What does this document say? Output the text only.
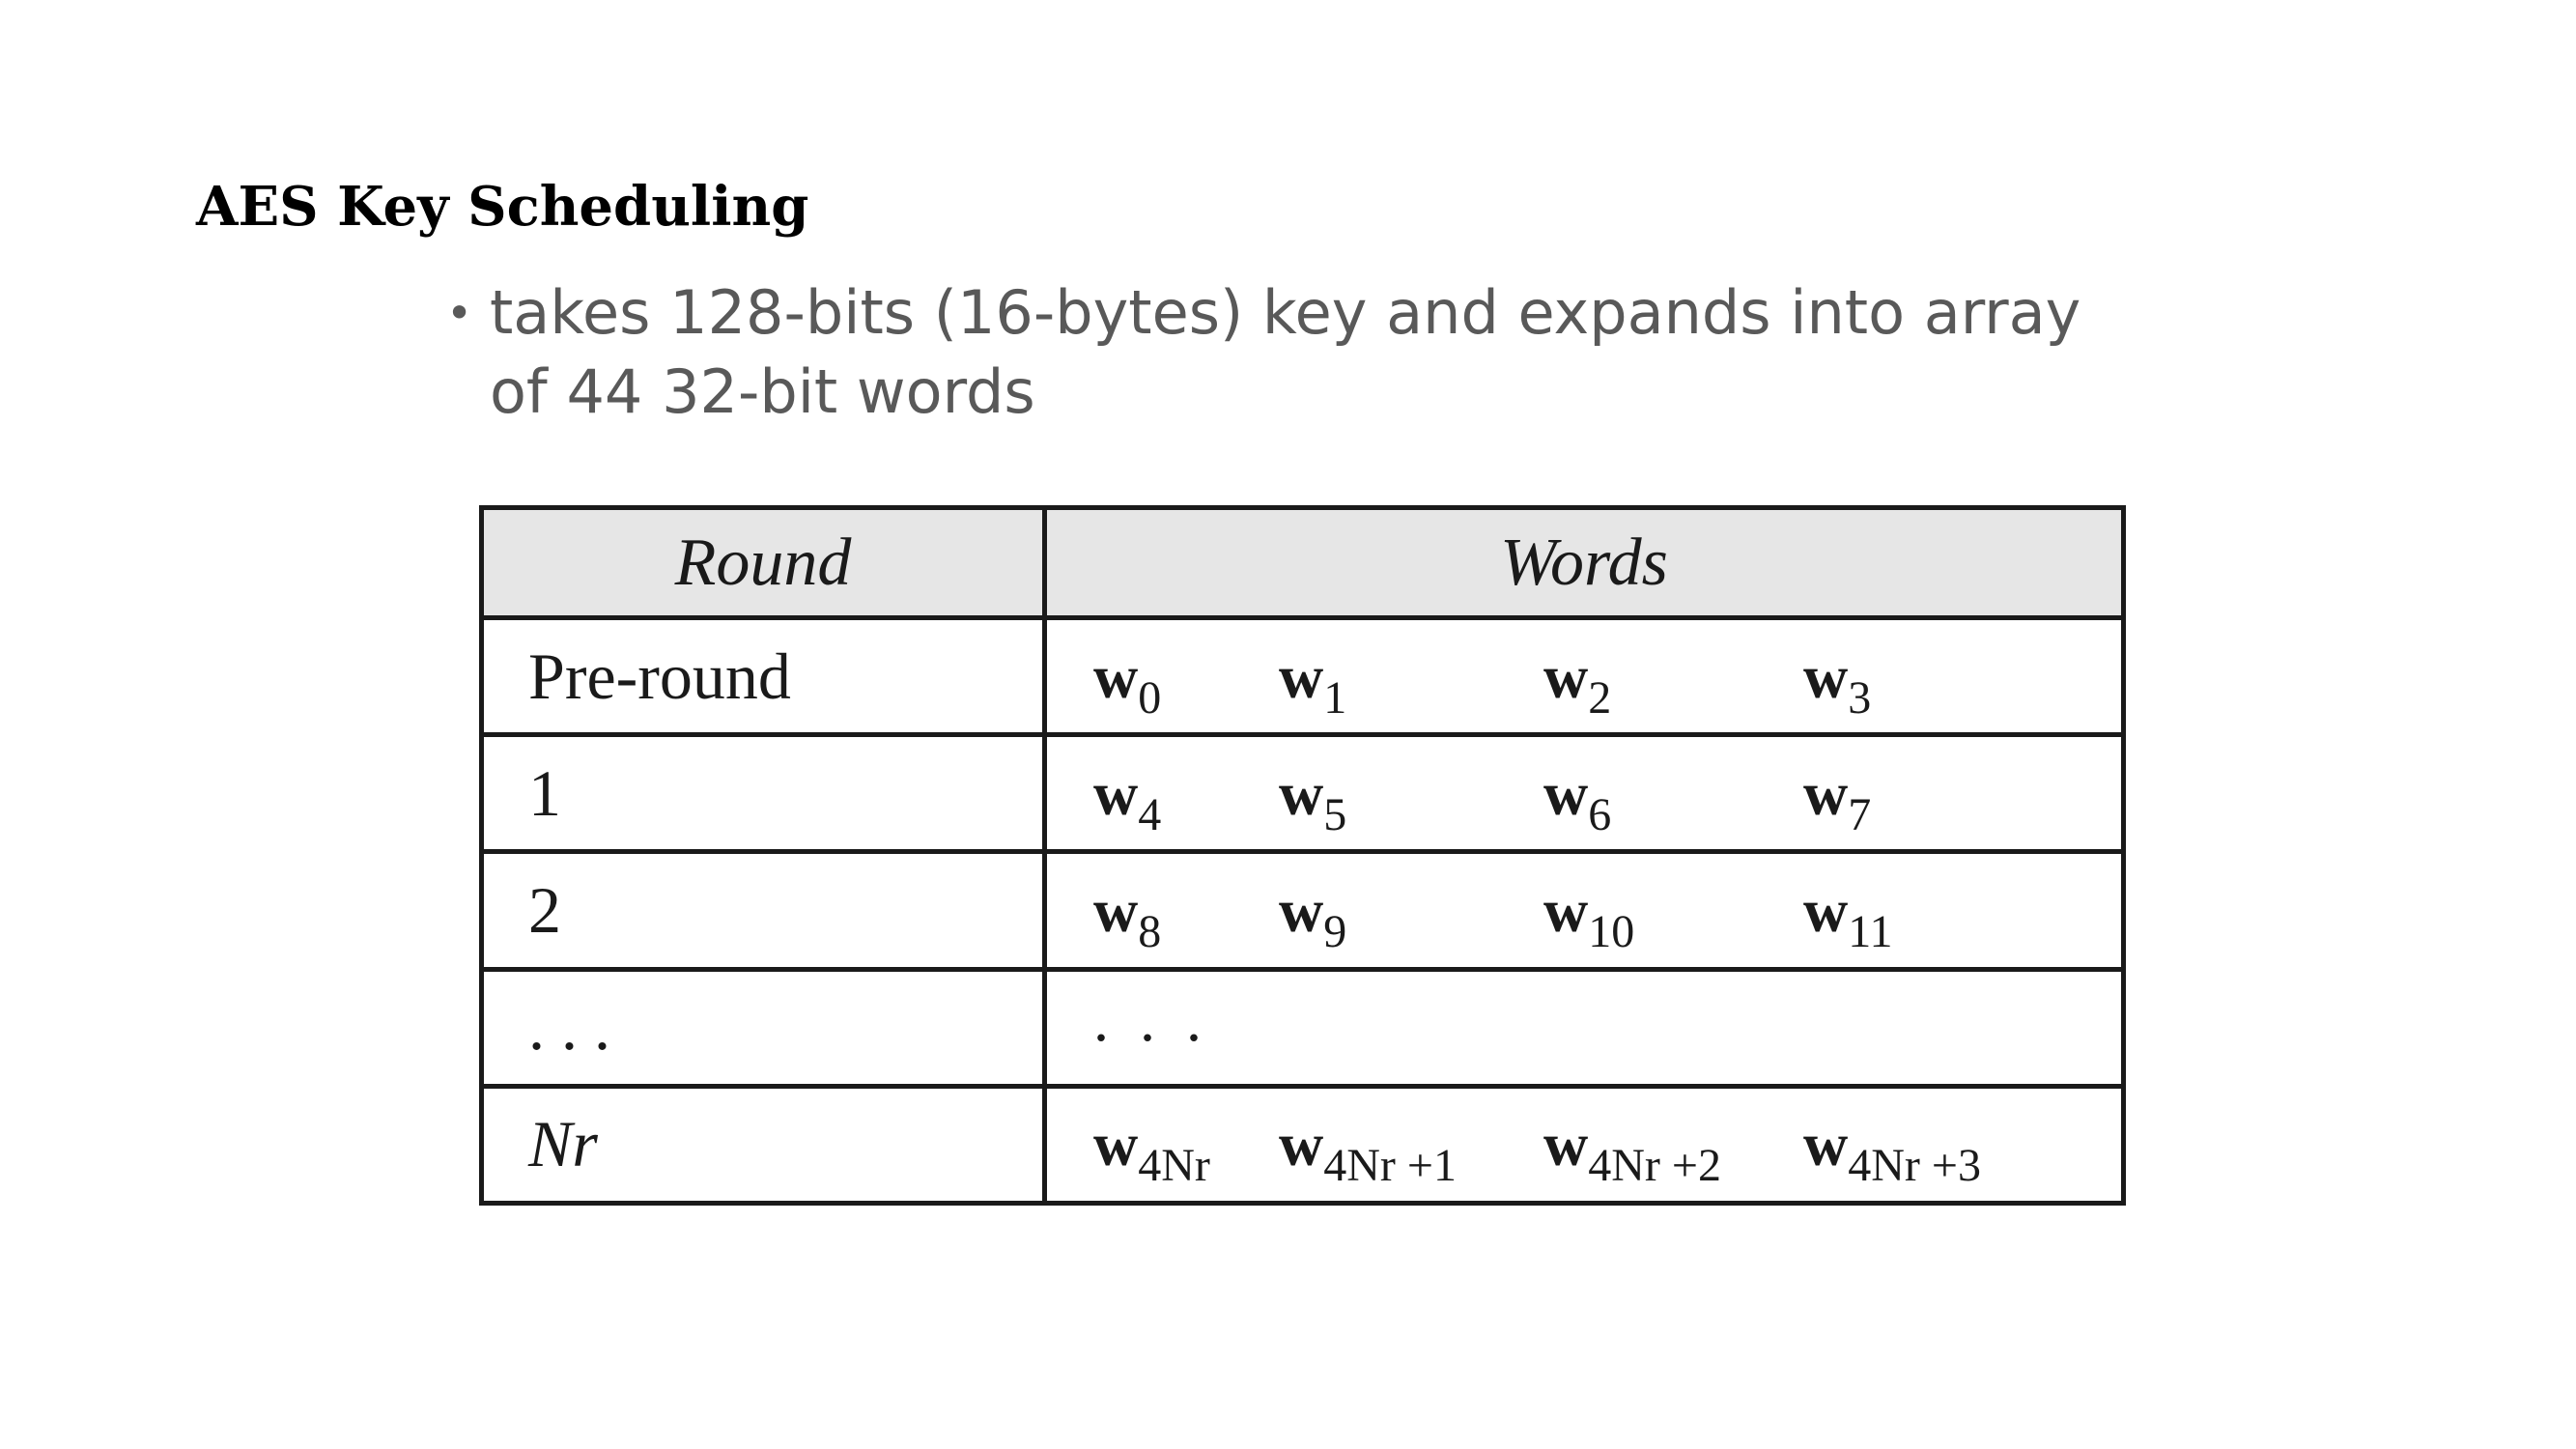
AES Key Scheduling
• takes 128-bits (16-bytes) key and expands into array of 44 32-bit words
Round	Words
Pre-round	$w_0$ $w_1$ $w_2$ $w_3$

1	$w_4$ $w_5$ $w_6$ $w_7$

2	$w_8$ $w_9$ $w_{10}$ $w_{11}$

. . .	. . .

Nr	$w_{4Nr}$ $w_{4Nr +1}$ $w_{4Nr +2}$ $w_{4Nr +3}$
